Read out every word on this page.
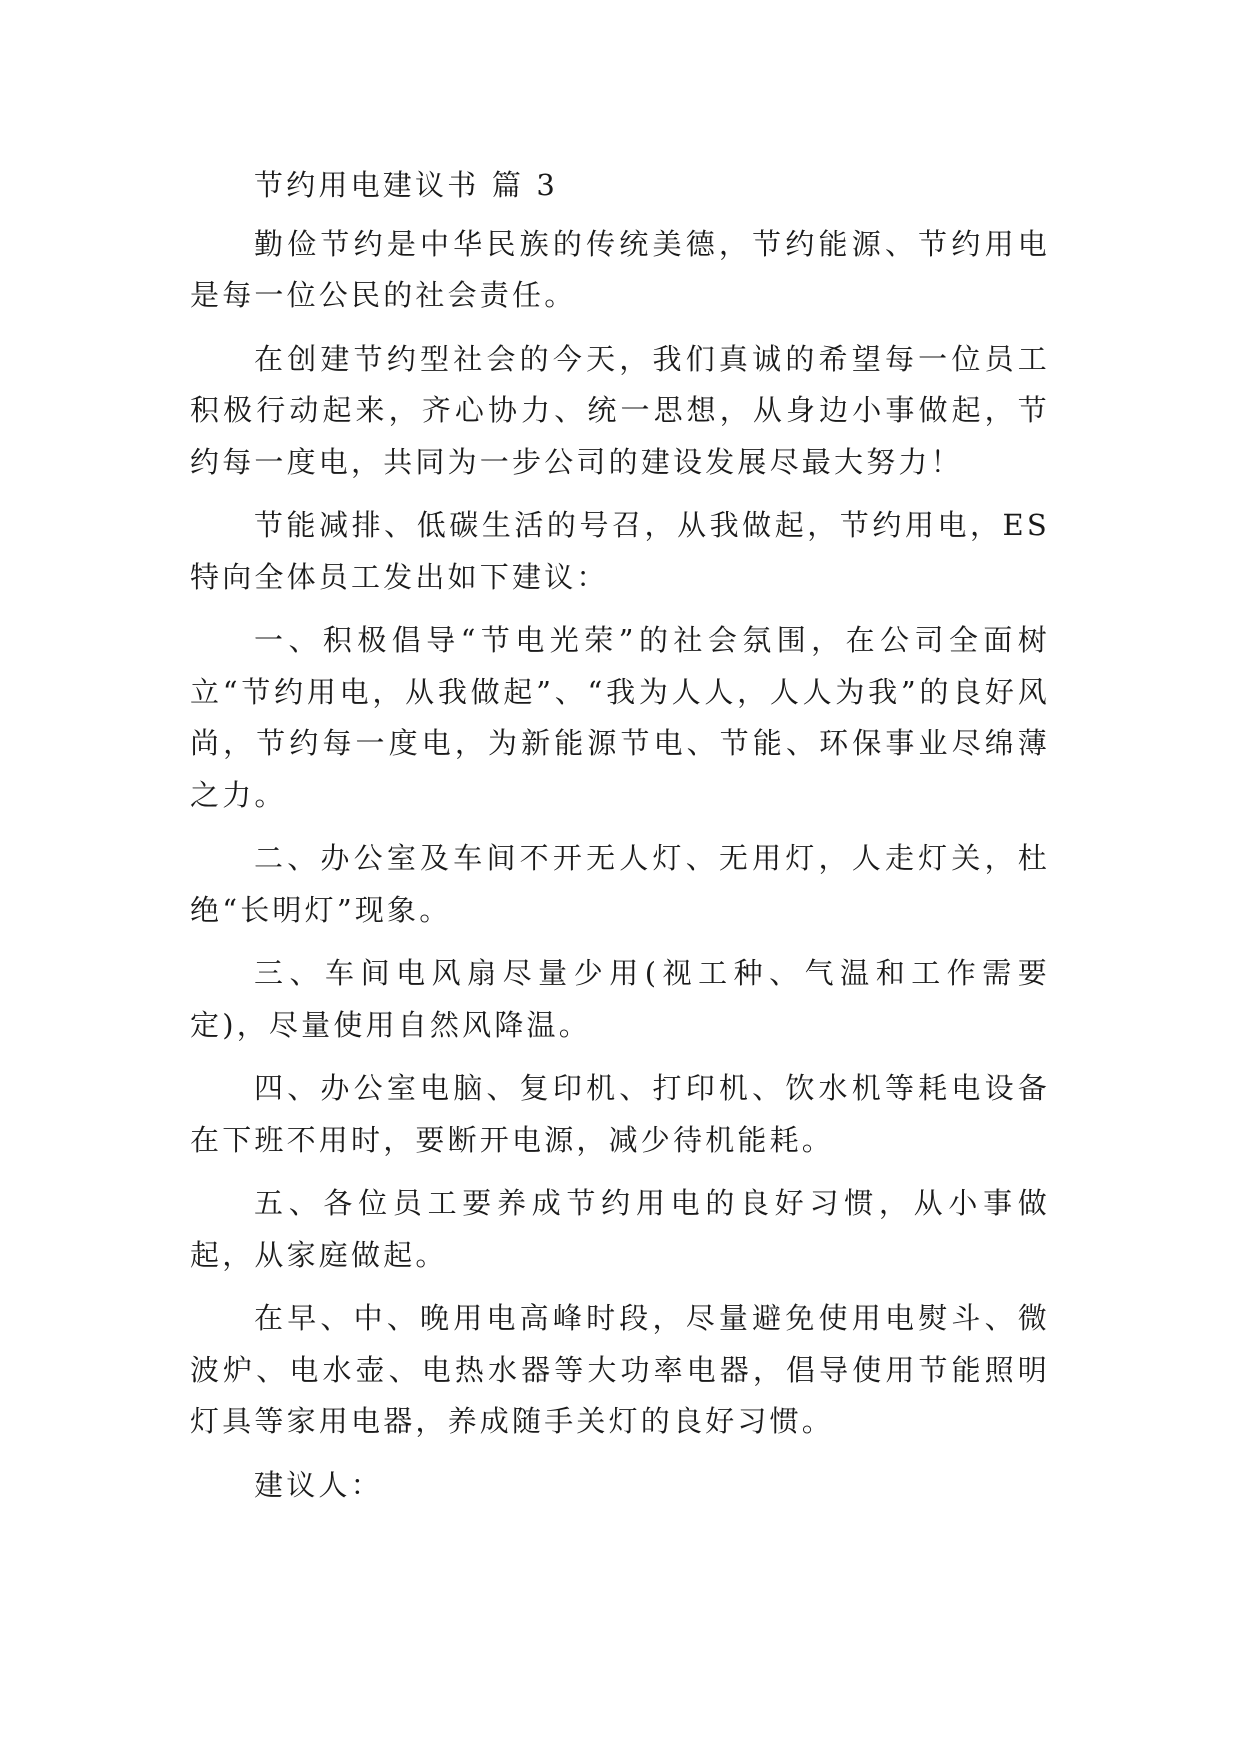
节约用电建议书 篇 3

勤俭节约是中华民族的传统美德，节约能源、节约用电是每一位公民的社会责任。

在创建节约型社会的今天，我们真诚的希望每一位员工积极行动起来，齐心协力、统一思想，从身边小事做起，节约每一度电，共同为一步公司的建设发展尽最大努力！

节能减排、低碳生活的号召，从我做起，节约用电，ES特向全体员工发出如下建议：

一、积极倡导“节电光荣”的社会氛围，在公司全面树立“节约用电，从我做起”、“我为人人，人人为我”的良好风尚，节约每一度电，为新能源节电、节能、环保事业尽绵薄之力。

二、办公室及车间不开无人灯、无用灯，人走灯关，杜绝“长明灯”现象。

三、车间电风扇尽量少用(视工种、气温和工作需要定)，尽量使用自然风降温。

四、办公室电脑、复印机、打印机、饮水机等耗电设备在下班不用时，要断开电源，减少待机能耗。

五、各位员工要养成节约用电的良好习惯，从小事做起，从家庭做起。

在早、中、晚用电高峰时段，尽量避免使用电熨斗、微波炉、电水壶、电热水器等大功率电器，倡导使用节能照明灯具等家用电器，养成随手关灯的良好习惯。

建议人：
